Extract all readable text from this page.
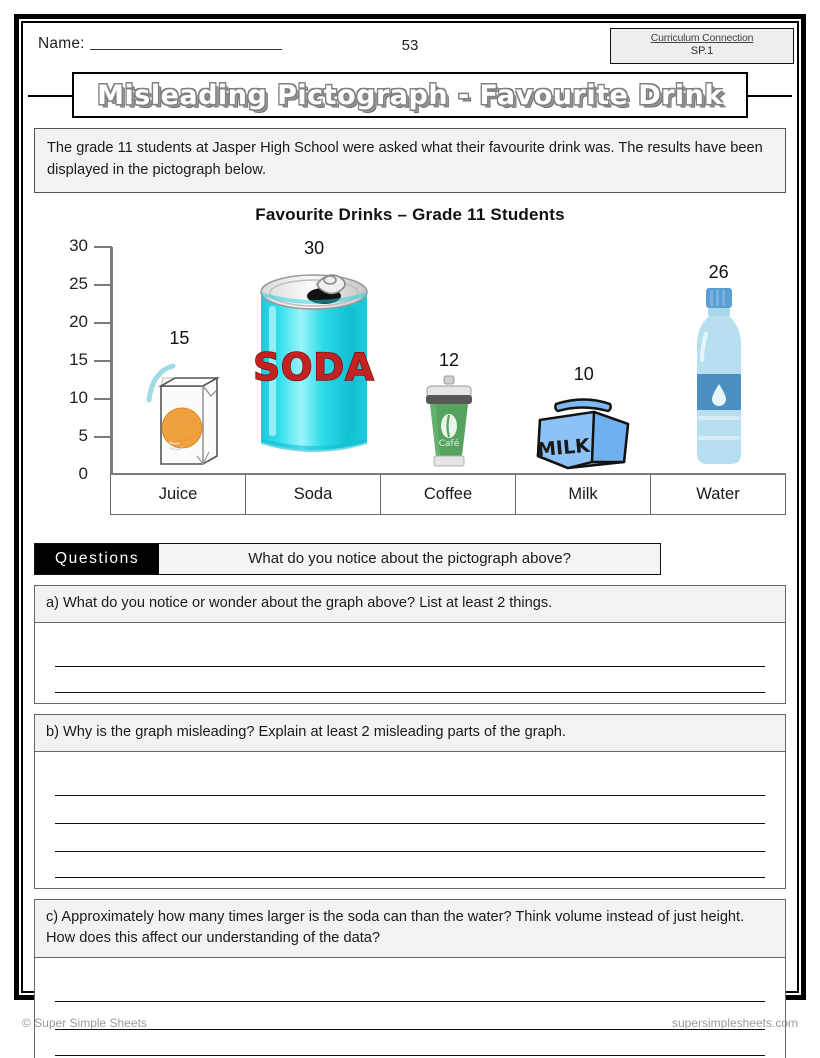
Name:	53	Curriculum Connection
SP.1
Misleading Pictograph - Favourite Drink
The grade 11 students at Jasper High School were asked what their favourite drink was. The results have been displayed in the pictograph below.
Favourite Drinks – Grade 11 Students
30
25
20
15
10
5
0
15
30
SODA	12
Café
10
MILK
26
Juice	Soda	Coffee	Milk	Water
Questions	What do you notice about the pictograph above?
a) What do you notice or wonder about the graph above? List at least 2 things.
b) Why is the graph misleading? Explain at least 2 misleading parts of the graph.
c) Approximately how many times larger is the soda can than the water? Think volume instead of just height. How does this affect our understanding of the data?
© Super Simple Sheets	supersimplesheets.com
